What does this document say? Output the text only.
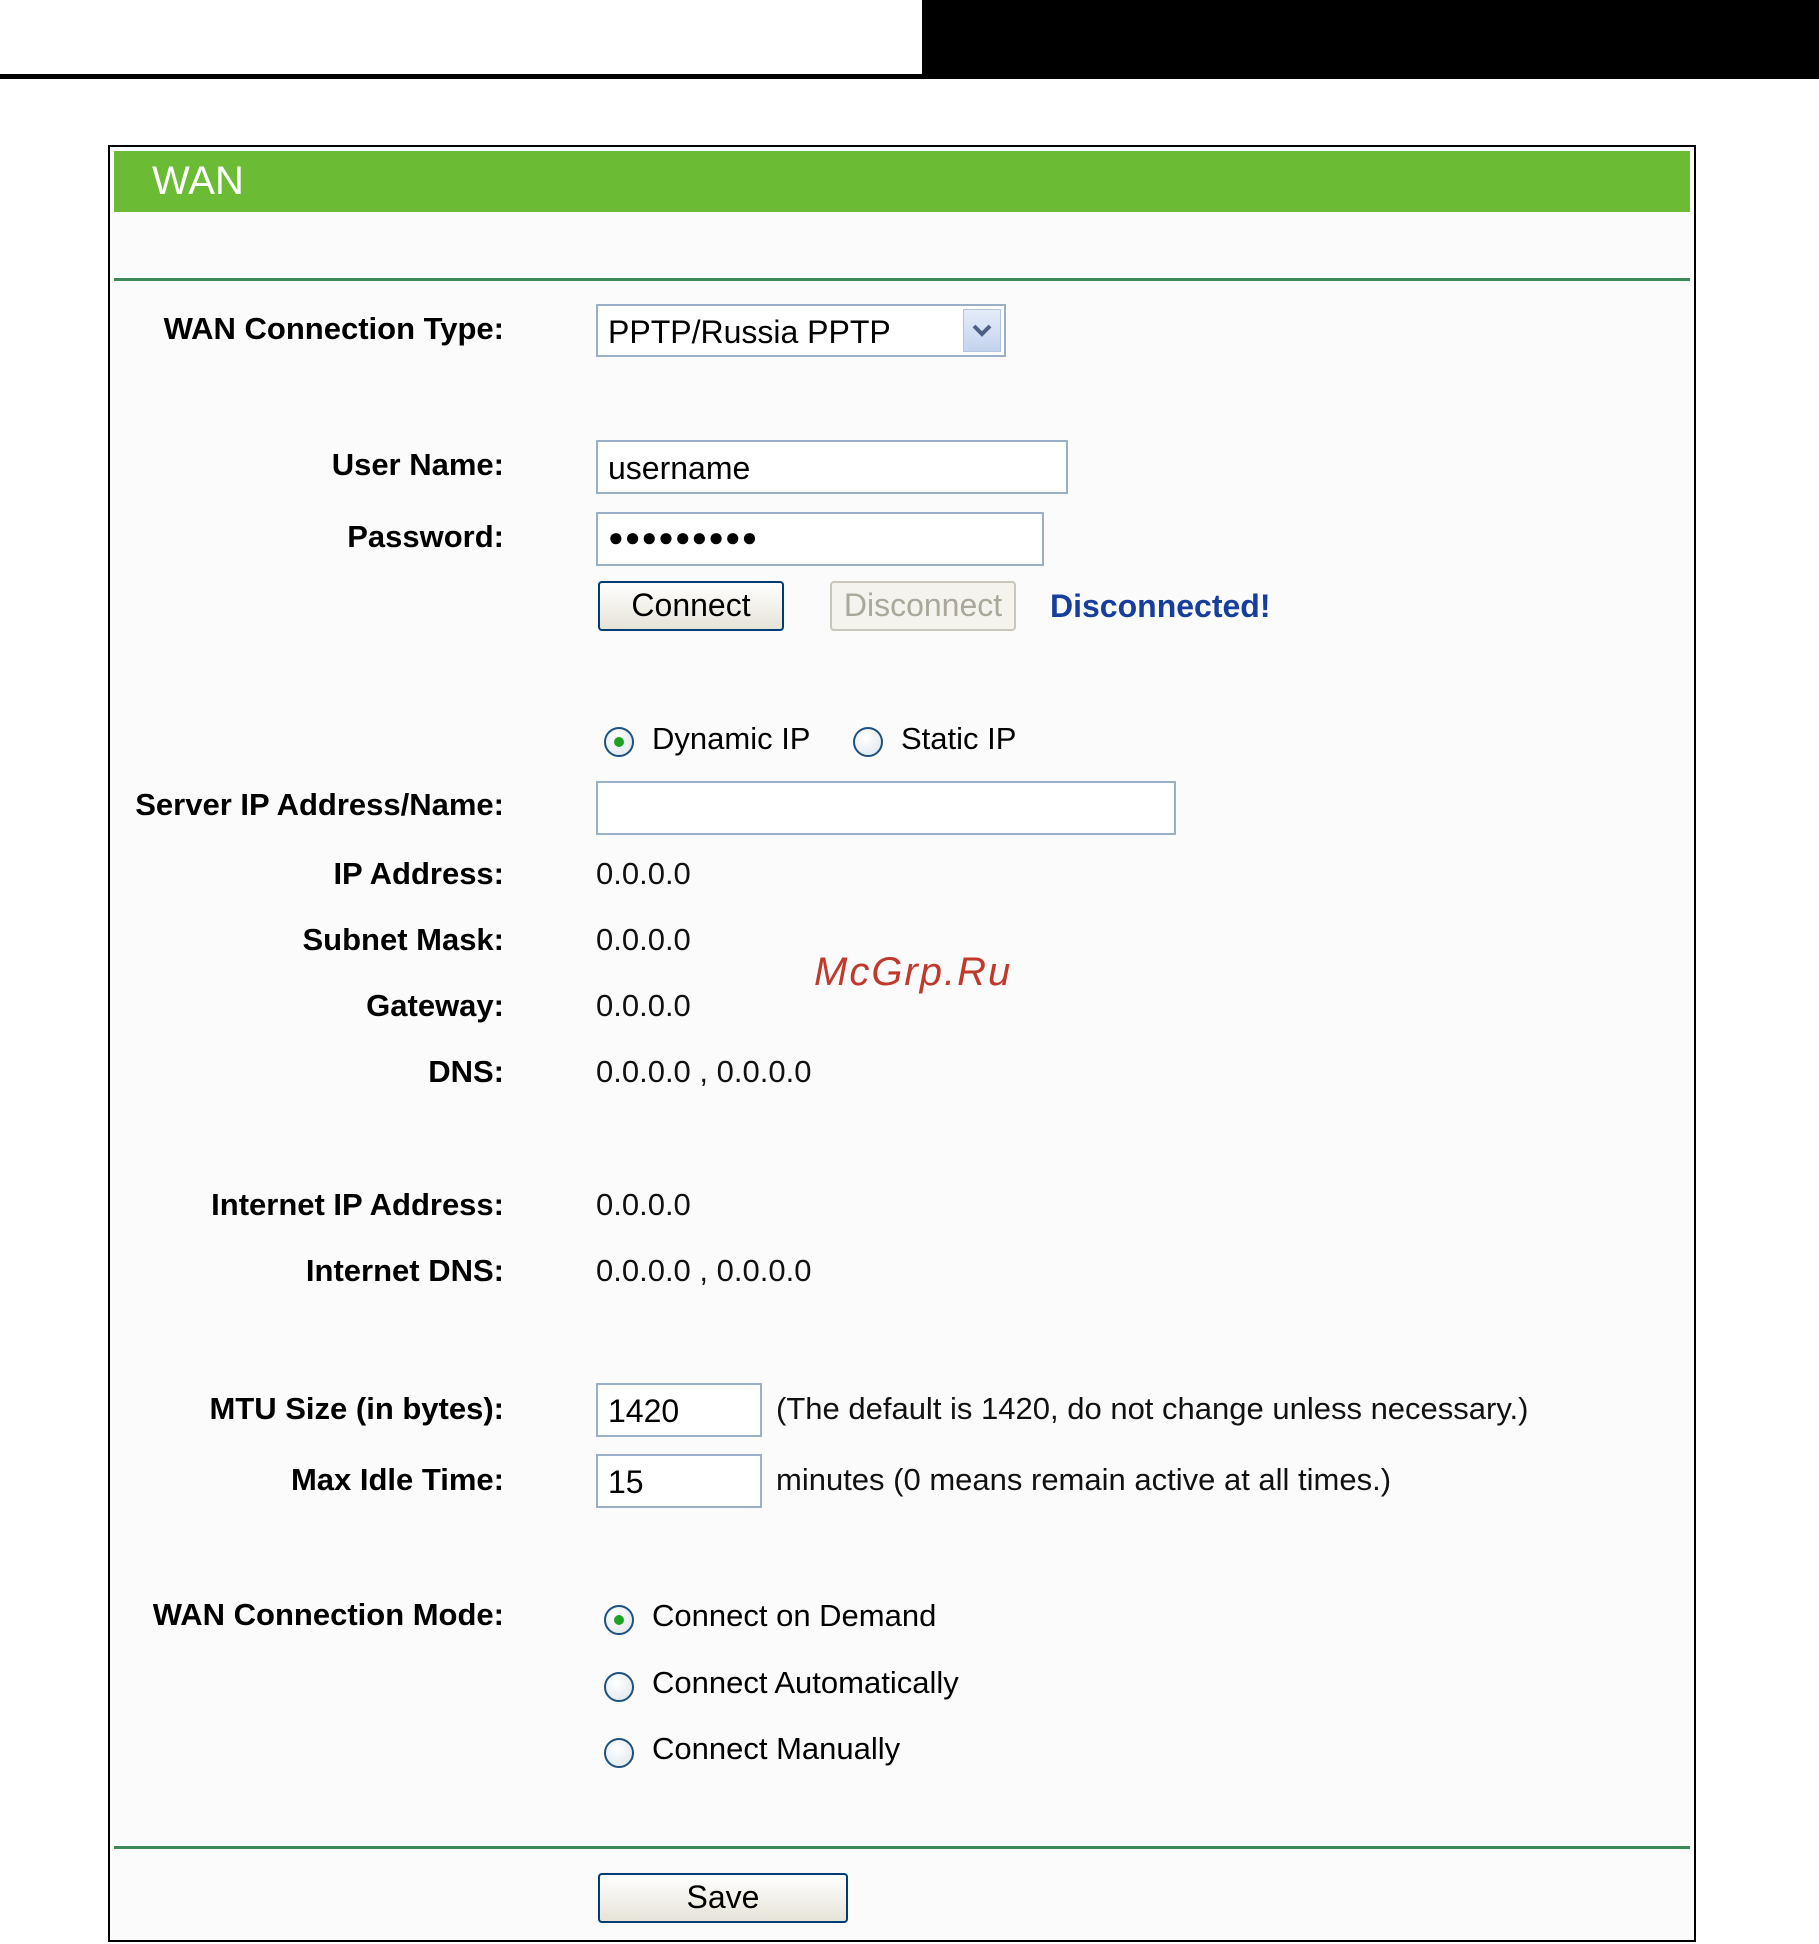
WAN
WAN Connection Type:	PPTP/Russia PPTP
User Name:	username
Password:	●●●●●●●●●
Connect	Disconnect	Disconnected!
Dynamic IP	Static IP
Server IP Address/Name:
IP Address:	0.0.0.0
Subnet Mask:	0.0.0.0
Gateway:	0.0.0.0
DNS:	0.0.0.0 , 0.0.0.0
Internet IP Address:	0.0.0.0
Internet DNS:	0.0.0.0 , 0.0.0.0
MTU Size (in bytes):	1420	(The default is 1420, do not change unless necessary.)
Max Idle Time:	15	minutes (0 means remain active at all times.)
WAN Connection Mode:	Connect on Demand
Connect Automatically
Connect Manually
Save
McGrp.Ru
